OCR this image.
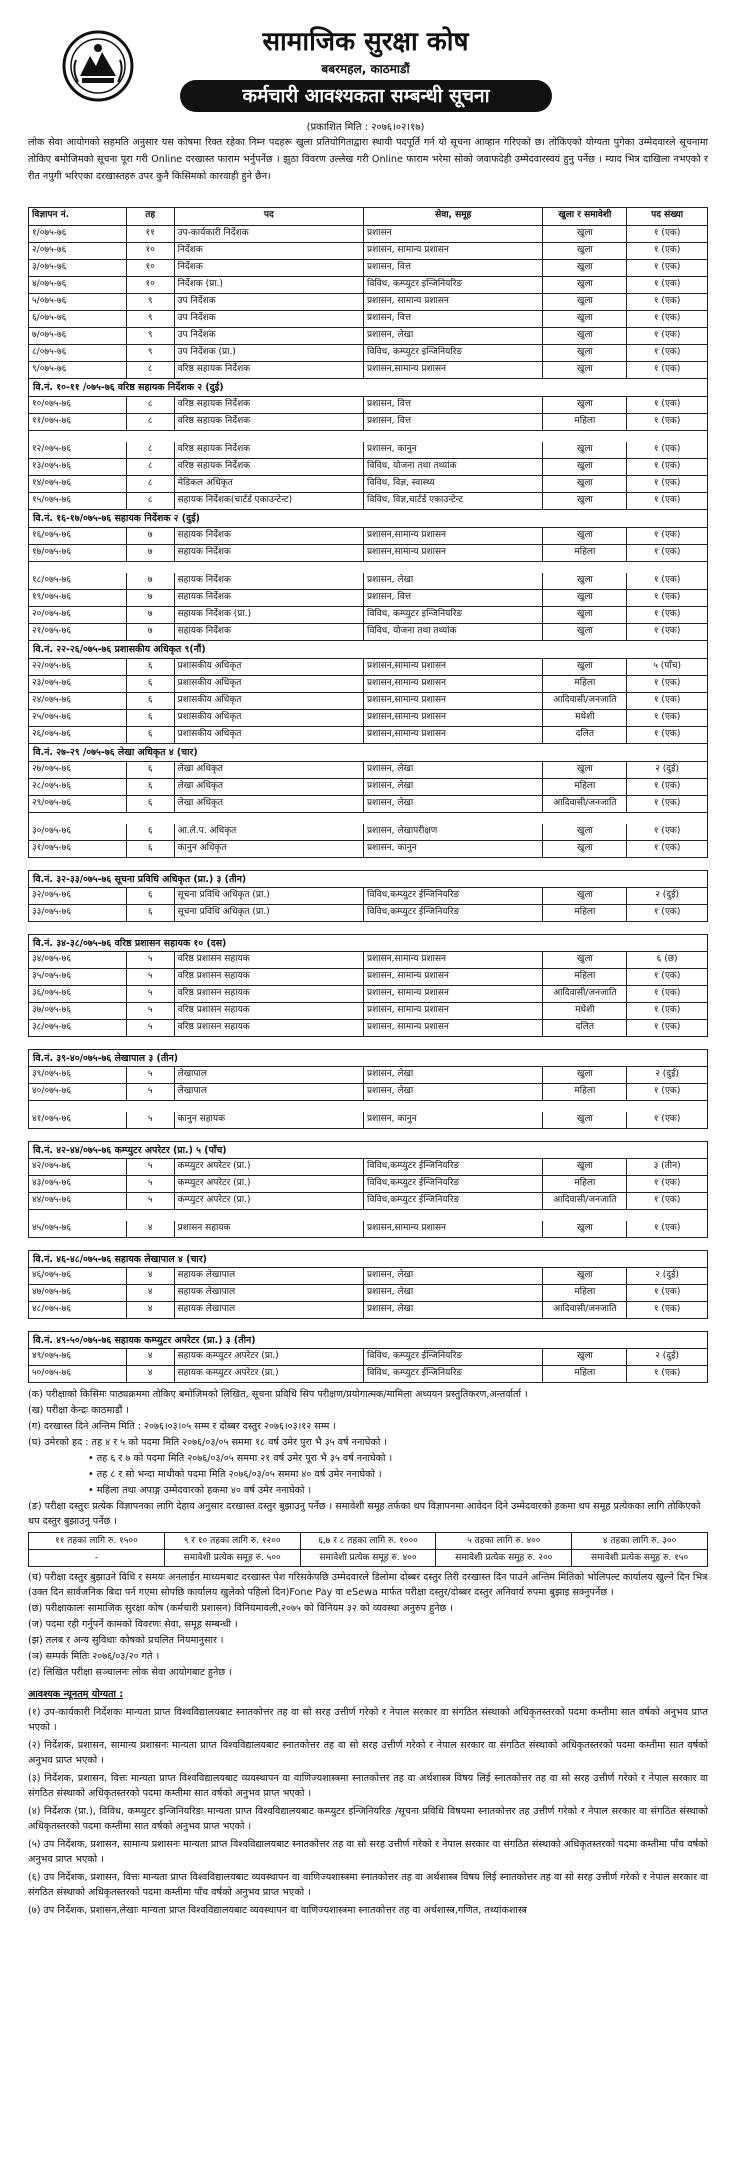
सामाजिक सुरक्षा कोष
बबरमहल, काठमाडौं
कर्मचारी आवश्यकता सम्बन्धी सूचना
(प्रकाशित मिति : २०७६।०२।१७)
लोक सेवा आयोगको सहमति अनुसार यस कोषमा रिक्त रहेका निम्न पदहरू खुला प्रतियोगिताद्वारा स्थायी पदपूर्ति गर्न यो सूचना आव्हान गरिएको छ। तोकिएको योग्यता पुगेका उम्मेदवारले सूचनामा तोकिए बमोजिमको सूचना पूरा गरी Online दरखास्त फाराम भर्नुपर्नेछ । झुठा विवरण उल्लेख गरी Online फाराम भरेमा सोको जवाफदेही उम्मेदवारस्वयं हुनु पर्नेछ । म्याद भित्र दाखिला नभएको र रीत नपुगी भरिएका दरखास्तहरु उपर कुनै किसिमको कारवाही हुने छैन।
विज्ञापन नं.	तह	पद	सेवा, समूह	खुला र समावेशी	पद संख्या
१/०७५-७६	११	उप-कार्यकारी निर्देशक	प्रशासन	खुला	१ (एक)
२/०७५-७६	१०	निर्देशक	प्रशासन, सामान्य प्रशासन	खुला	१ (एक)
३/०७५-७६	१०	निर्देशक	प्रशासन, वित्त	खुला	१ (एक)
४/०७५-७६	१०	निर्देशक (प्रा.)	विविध, कम्प्युटर इन्जिनियरिङ	खुला	१ (एक)
५/०७५-७६	९	उप निर्देशक	प्रशासन, सामान्य प्रशासन	खुला	१ (एक)
६/०७५-७६	९	उप निर्देशक	प्रशासन, वित्त	खुला	१ (एक)
७/०७५-७६	९	उप निर्देशक	प्रशासन, लेखा	खुला	१ (एक)
८/०७५-७६	९	उप निर्देशक (प्रा.)	विविध, कम्प्युटर इन्जिनियरिङ	खुला	१ (एक)
९/०७५-७६	८	वरिष्ठ सहायक निर्देशक	प्रशासन,सामान्य प्रशासन	खुला	१ (एक)
वि.नं. १०-११ /०७५-७६ वरिष्ठ सहायक निर्देशक २ (दुई)
१०/०७५-७६	८	वरिष्ठ सहायक निर्देशक	प्रशासन, वित्त	खुला	१ (एक)
११/०७५-७६	८	वरिष्ठ सहायक निर्देशक	प्रशासन, वित्त	महिला	१ (एक)
१२/०७५-७६	८	वरिष्ठ सहायक निर्देशक	प्रशासन, कानुन	खुला	१ (एक)
१३/०७५-७६	८	वरिष्ठ सहायक निर्देशक	विविध, योजना तथा तथ्यांक	खुला	१ (एक)
१४/०७५-७६	८	मेडिकल अधिकृत	विविध, विज्ञ, स्वास्थ्य	खुला	१ (एक)
१५/०७५-७६	८	सहायक निर्देशक(चार्टर्ड एकाउन्टेन्ट)	विविध, विज्ञ,चार्टर्ड एकाउन्टेन्ट	खुला	१ (एक)
वि.नं. १६-१७/०७५-७६ सहायक निर्देशक २ (दुई)
१६/०७५-७६	७	सहायक निर्देशक	प्रशासन,सामान्य प्रशासन	खुला	१ (एक)
१७/०७५-७६	७	सहायक निर्देशक	प्रशासन,सामान्य प्रशासन	महिला	१ (एक)
१८/०७५-७६	७	सहायक निर्देशक	प्रशासन, लेखा	खुला	१ (एक)
१९/०७५-७६	७	सहायक निर्देशक	प्रशासन, वित्त	खुला	१ (एक)
२०/०७५-७६	७	सहायक निर्देशक (प्रा.)	विविध, कम्प्युटर इन्जिनियरिङ	खुला	१ (एक)
२१/०७५-७६	७	सहायक निर्देशक	विविध, योजना तथा तथ्यांक	खुला	१ (एक)
वि.नं. २२-२६/०७५-७६ प्रशासकीय अधिकृत ९(नौं)
२२/०७५-७६	६	प्रशासकीय अधिकृत	प्रशासन,सामान्य प्रशासन	खुला	५ (पाँच)
२३/०७५-७६	६	प्रशासकीय अधिकृत	प्रशासन,सामान्य प्रशासन	महिला	१ (एक)
२४/०७५-७६	६	प्रशासकीय अधिकृत	प्रशासन,सामान्य प्रशासन	आदिवासी/जनजाति	१ (एक)
२५/०७५-७६	६	प्रशासकीय अधिकृत	प्रशासन,सामान्य प्रशासन	मधेशी	१ (एक)
२६/०७५-७६	६	प्रशासकीय अधिकृत	प्रशासन,सामान्य प्रशासन	दलित	१ (एक)
वि.नं. २७-२९ /०७५-७६ लेखा अधिकृत ४ (चार)
२७/०७५-७६	६	लेखा अधिकृत	प्रशासन, लेखा	खुला	२ (दुई)
२८/०७५-७६	६	लेखा अधिकृत	प्रशासन, लेखा	महिला	१ (एक)
२९/०७५-७६	६	लेखा अधिकृत	प्रशासन, लेखा	आदिवासी/जनजाति	१ (एक)
३०/०७५-७६	६	आ.ले.प. अधिकृत	प्रशासन, लेखापरीक्षण	खुला	१ (एक)
३१/०७५-७६	६	कानुन अधिकृत	प्रशासन, कानुन	खुला	१ (एक)
वि.नं. ३२-३३/०७५-७६ सूचना प्रविधि अधिकृत (प्रा.) ३ (तीन)
३२/०७५-७६	६	सूचना प्रविधि अधिकृत (प्रा.)	विविध,कम्प्युटर ईन्जिनियरिङ	खुला	२ (दुई)
३३/०७५-७६	६	सूचना प्रविधि अधिकृत (प्रा.)	विविध,कम्प्युटर ईन्जिनियरिङ	महिला	१ (एक)
वि.नं. ३४-३८/०७५-७६ वरिष्ठ प्रशासन सहायक १० (दस)
३४/०७५-७६	५	वरिष्ठ प्रशासन सहायक	प्रशासन,सामान्य प्रशासन	खुला	६ (छ)
३५/०७५-७६	५	वरिष्ठ प्रशासन सहायक	प्रशासन, सामान्य प्रशासन	महिला	१ (एक)
३६/०७५-७६	५	वरिष्ठ प्रशासन सहायक	प्रशासन, सामान्य प्रशासन	आदिवासी/जनजाति	१ (एक)
३७/०७५-७६	५	वरिष्ठ प्रशासन सहायक	प्रशासन, सामान्य प्रशासन	मधेशी	१ (एक)
३८/०७५-७६	५	वरिष्ठ प्रशासन सहायक	प्रशासन, सामान्य प्रशासन	दलित	१ (एक)
वि.नं. ३९-४०/०७५-७६ लेखापाल ३ (तीन)
३९/०७५-७६	५	लेखापाल	प्रशासन, लेखा	खुला	२ (दुई)
४०/०७५-७६	५	लेखापाल	प्रशासन, लेखा	महिला	१ (एक)
४१/०७५-७६	५	कानुन सहायक	प्रशासन, कानुन	खुला	१ (एक)
वि.नं. ४२-४४/०७५-७६ कम्प्युटर अपरेटर (प्रा.) ५ (पाँच)
४२/०७५-७६	५	कम्प्युटर अपरेटर (प्रा.)	विविध,कम्प्युटर ईन्जिनियरिङ	खुला	३ (तीन)
४३/०७५-७६	५	कम्प्युटर अपरेटर (प्रा.)	विविध,कम्प्युटर ईन्जिनियरिङ	महिला	१ (एक)
४४/०७५-७६	५	कम्प्युटर अपरेटर (प्रा.)	विविध,कम्प्युटर ईन्जिनियरिङ	आदिवासी/जनजाति	१ (एक)
४५/०७५-७६	४	प्रशासन सहायक	प्रशासन,सामान्य प्रशासन	खुला	१ (एक)
वि.नं. ४६-४८/०७५-७६ सहायक लेखापाल ४ (चार)
४६/०७५-७६	४	सहायक लेखापाल	प्रशासन, लेखा	खुला	२ (दुई)
४७/०७५-७६	४	सहायक लेखापाल	प्रशासन, लेखा	महिला	१ (एक)
४८/०७५-७६	४	सहायक लेखापाल	प्रशासन, लेखा	आदिवासी/जनजाति	१ (एक)
वि.नं. ४९-५०/०७५-७६ सहायक कम्प्युटर अपरेटर (प्रा.) ३ (तीन)
४९/०७५-७६	४	सहायक कम्प्युटर अपरेटर (प्रा.)	विविध, कम्प्युटर ईन्जिनियरिङ	खुला	२ (दुई)
५०/०७५-७६	४	सहायक कम्प्युटर अपरेटर (प्रा.)	विविध, कम्प्युटर ईन्जिनियरिङ	महिला	१ (एक)

(क) परीक्षाको किसिमः पाठ्यक्रममा तोकिए बमोजिमको लिखित, सूचना प्रविधि सिप परीक्षण/प्रयोगात्मक/मामिला अध्ययन प्रस्तुतिकरण,अन्तर्वार्ता ।

(ख) परीक्षा केन्द्रः काठमाडौं ।

(ग) दरखास्त दिने अन्तिम मिति : २०७६।०३।०५ सम्म र दोब्बर दस्तुर २०७६।०३।१२ सम्म ।

(घ) उमेरको हद : तह ४ र ५ को पदमा मिति २०७६/०३/०५ सममा १८ वर्ष उमेर पुरा भै ३५ वर्ष ननाघेको ।

• तह ६ र ७ को पदमा मिति २०७६/०३/०५ सममा २१ वर्ष उमेर पूरा भै ३५ वर्ष ननाघेको ।

• तह ८ र सो भन्दा माथीको पदमा मिति २०७६/०३/०५ सममा ४० वर्ष उमेर ननाघेको ।

• महिला तथा अपाङ्ग उम्मेदवारको हकमा ४० वर्ष उमेर ननाघेको ।

(ङ) परीक्षा दस्तुरः प्रत्येक विज्ञापनका लागि देहाय अनुसार दरखास्त दस्तुर बुझाउनु पर्नेछ । समावेशी समूह तर्फका थप विज्ञापनमा आवेदन दिने उम्मेदवारको हकमा थप समूह प्रत्येकका लागि तोकिएको थप दस्तुर बुझाउनु पर्नेछ ।

११ तहका लागि रु. १५००	९ र १० तहका लागि रु. १२००	६,७ र ८ तहका लागि रु. १०००	५ तहका लागि रु. ४००	४ तहका लागि रु. ३००
-	समावेशी प्रत्येक समूह रु. ५००	समावेशी प्रत्येक समूह रु. ४००	समावेशी प्रत्येक समूह रु. २००	समावेशी प्रत्येक समूह रु. १५०

(च) परीक्षा दस्तुर बुझाउने विधि र समयः अनलाईन माध्यमबाट दरखास्त पेश गरिसकेपछि उम्मेदवारले डिलोमा दोब्बर दस्तुर तिरी दरखास्त दिन पाउने अन्तिम मितिको भोलिपल्ट कार्यालय खुल्ने दिन भित्र (उक्त दिन सार्वजनिक बिदा पर्न गएमा सोपछि कार्यालय खुलेको पहिलो दिन)Fone Pay वा eSewa मार्फत परीक्षा दस्तुर/दोब्बर दस्तुर अनिवार्य रुपमा बुझाइ सक्नुपर्नेछ ।

(छ) परीक्षाकालः सामाजिक सुरक्षा कोष (कर्मचारी प्रशासन) विनियमावली,२०७५ को विनियम ३२ को व्यवस्था अनुरुप हुनेछ ।

(ज) पदमा रही गर्नुपर्ने कामको विवरणः सेवा, समूह सम्बन्धी ।

(झ) तलब र अन्य सुविधाः कोषको प्रचलित नियमानुसार ।

(ञ) सम्पर्क मितिः २०७६/०३/२० गते ।

(ट) लिखित परीक्षा सञ्चालनः लोक सेवा आयोगबाट हुनेछ ।

आवश्यक न्यूनतम् योग्यता :

(१) उप-कार्यकारी निर्देशकः मान्यता प्राप्त विश्वविद्यालयबाट स्नातकोत्तर तह वा सो सरह उत्तीर्ण गरेको र नेपाल सरकार वा संगठित संस्थाको अधिकृतस्तरको पदमा कम्तीमा सात वर्षको अनुभव प्राप्त भएको ।

(२) निर्देशक, प्रशासन, सामान्य प्रशासनः मान्यता प्राप्त विश्वविद्यालयबाट स्नातकोत्तर तह वा सो सरह उत्तीर्ण गरेको र नेपाल सरकार वा संगठित संस्थाको अधिकृतस्तरको पदमा कम्तीमा सात वर्षको अनुभव प्राप्त भएको ।

(३) निर्देशक, प्रशासन, वित्तः मान्यता प्राप्त विश्वविद्यालयबाट व्यवस्थापन वा वाणिज्यशास्त्रमा स्नातकोत्तर तह वा अर्थशास्त्र विषय लिई स्नातकोत्तर तह वा सो सरह उत्तीर्ण गरेको र नेपाल सरकार वा संगठित संस्थाको अधिकृतस्तरको पदमा कम्तीमा सात वर्षको अनुभव प्राप्त भएको ।

(४) निर्देशक (प्रा.), विविध, कम्प्युटर इन्जिनियरिङः मान्यता प्राप्त विश्वविद्यालयबाट कम्प्युटर इन्जिनियरिङ /सूचना प्रविधि विषयमा स्नातकोत्तर तह उत्तीर्ण गरेको र नेपाल सरकार वा संगठित संस्थाको अधिकृतस्तरको पदमा कम्तीमा सात वर्षको अनुभव प्राप्त भएको ।

(५) उप निर्देशक, प्रशासन, सामान्य प्रशासनः मान्यता प्राप्त विश्वविद्यालयबाट स्नातकोत्तर तह वा सो सरह उत्तीर्ण गरेको र नेपाल सरकार वा संगठित संस्थाको अधिकृतस्तरको पदमा कम्तीमा पाँच वर्षको अनुभव प्राप्त भएको ।

(६) उप निर्देशक, प्रशासन, वित्तः मान्यता प्राप्त विश्वविद्यालयबाट व्यवस्थापन वा वाणिज्यशास्त्रमा स्नातकोत्तर तह वा अर्थशास्त्र विषय लिई स्नातकोत्तर तह वा सो सरह उत्तीर्ण गरेको र नेपाल सरकार वा संगठित संस्थाको अधिकृतस्तरको पदमा कम्तीमा पाँच वर्षको अनुभव प्राप्त भएको ।

(७) उप निर्देशक, प्रशासन,लेखाः मान्यता प्राप्त विश्वविद्यालयबाट व्यवस्थापन वा वाणिज्यशास्त्रमा स्नातकोत्तर तह वा अर्थशास्त्र,गणित, तथ्यांकशास्त्र
